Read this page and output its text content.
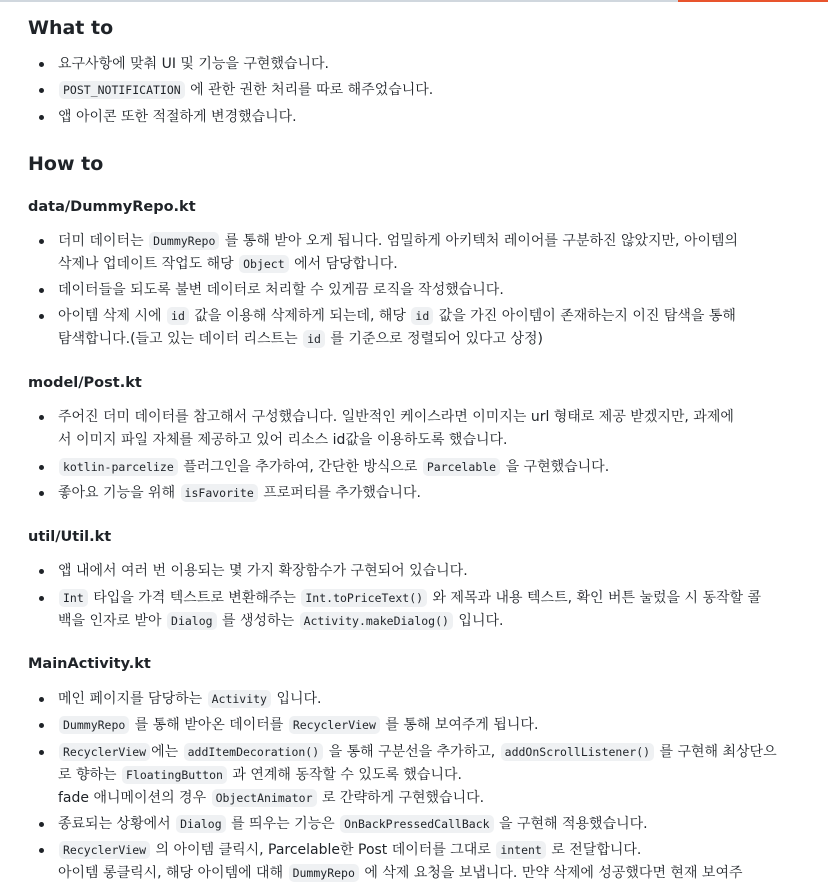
What to
요구사항에 맞춰 UI 및 기능을 구현했습니다.
POST_NOTIFICATION 에 관한 권한 처리를 따로 해주었습니다.
앱 아이콘 또한 적절하게 변경했습니다.
How to
data/DummyRepo.kt
더미 데이터는 DummyRepo 를 통해 받아 오게 됩니다. 엄밀하게 아키텍처 레이어를 구분하진 않았지만, 아이템의
삭제나 업데이트 작업도 해당 Object 에서 담당합니다.
데이터들을 되도록 불변 데이터로 처리할 수 있게끔 로직을 작성했습니다.
아이템 삭제 시에 id 값을 이용해 삭제하게 되는데, 해당 id 값을 가진 아이템이 존재하는지 이진 탐색을 통해
탐색합니다.(들고 있는 데이터 리스트는 id 를 기준으로 정렬되어 있다고 상정)
model/Post.kt
주어진 더미 데이터를 참고해서 구성했습니다. 일반적인 케이스라면 이미지는 url 형태로 제공 받겠지만, 과제에
서 이미지 파일 자체를 제공하고 있어 리소스 id값을 이용하도록 했습니다.
kotlin-parcelize 플러그인을 추가하여, 간단한 방식으로 Parcelable 을 구현했습니다.
좋아요 기능을 위해 isFavorite 프로퍼티를 추가했습니다.
util/Util.kt
앱 내에서 여러 번 이용되는 몇 가지 확장함수가 구현되어 있습니다.
Int 타입을 가격 텍스트로 변환해주는 Int.toPriceText() 와 제목과 내용 텍스트, 확인 버튼 눌렀을 시 동작할 콜
백을 인자로 받아 Dialog 를 생성하는 Activity.makeDialog() 입니다.
MainActivity.kt
메인 페이지를 담당하는 Activity 입니다.
DummyRepo 를 통해 받아온 데이터를 RecyclerView 를 통해 보여주게 됩니다.
RecyclerView 에는 addItemDecoration() 을 통해 구분선을 추가하고, addOnScrollListener() 를 구현해 최상단으
로 향하는 FloatingButton 과 연계해 동작할 수 있도록 했습니다.
fade 애니메이션의 경우 ObjectAnimator 로 간략하게 구현했습니다.
종료되는 상황에서 Dialog 를 띄우는 기능은 OnBackPressedCallBack 을 구현해 적용했습니다.
RecyclerView 의 아이템 클릭시, Parcelable한 Post 데이터를 그대로 intent 로 전달합니다.
아이템 롱클릭시, 해당 아이템에 대해 DummyRepo 에 삭제 요청을 보냅니다. 만약 삭제에 성공했다면 현재 보여주
